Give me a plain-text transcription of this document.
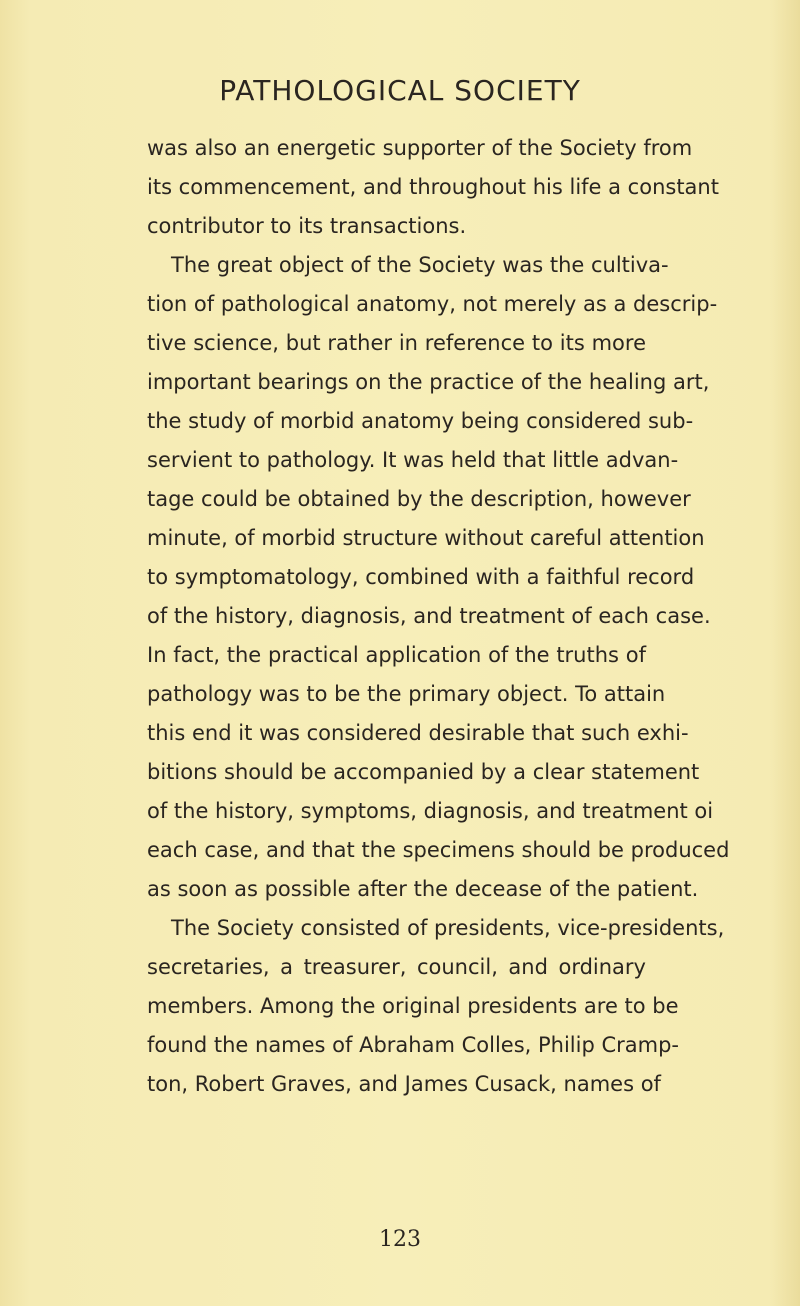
PATHOLOGICAL SOCIETY
was also an energetic supporter of the Society from
its commencement, and throughout his life a constant
contributor to its transactions.
The great object of the Society was the cultiva-
tion of pathological anatomy, not merely as a descrip-
tive science, but rather in reference to its more
important bearings on the practice of the healing art,
the study of morbid anatomy being considered sub-
servient to pathology. It was held that little advan-
tage could be obtained by the description, however
minute, of morbid structure without careful attention
to symptomatology, combined with a faithful record
of the history, diagnosis, and treatment of each case.
In fact, the practical application of the truths of
pathology was to be the primary object. To attain
this end it was considered desirable that such exhi-
bitions should be accompanied by a clear statement
of the history, symptoms, diagnosis, and treatment oi
each case, and that the specimens should be produced
as soon as possible after the decease of the patient.
The Society consisted of presidents, vice-presidents,
secretaries, a treasurer, council, and ordinary
members. Among the original presidents are to be
found the names of Abraham Colles, Philip Cramp-
ton, Robert Graves, and James Cusack, names of
123
